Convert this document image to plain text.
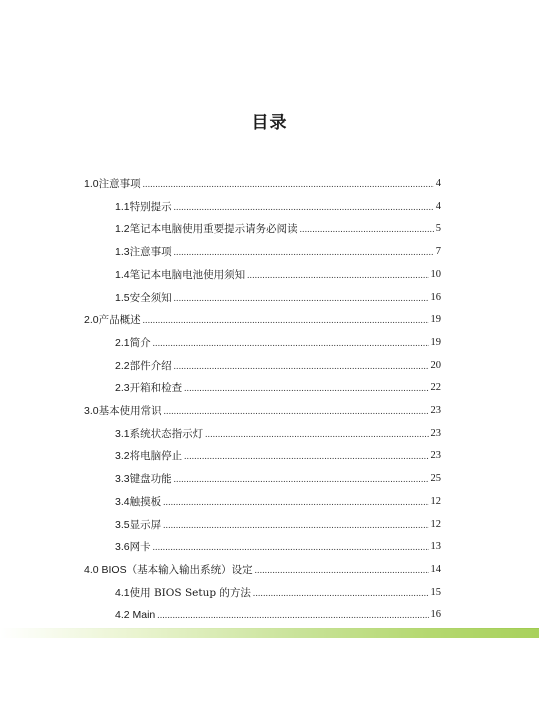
目录
1.0 注意事项 .....	4
1.1 特别提示 .....	4
1.2 笔记本电脑使用重要提示请务必阅读 .....	5
1.3 注意事项 .....	7
1.4 笔记本电脑电池使用须知 .....	10
1.5 安全须知 .....	16
2.0 产品概述 .....	19
2.1 简介 .....	19
2.2 部件介绍 .....	20
2.3 开箱和检查 .....	22
3.0 基本使用常识 .....	23
3.1 系统状态指示灯 .....	23
3.2 将电脑停止 .....	23
3.3 键盘功能 .....	25
3.4 触摸板 .....	12
3.5 显示屏 .....	12
3.6 网卡 .....	13
4.0 BIOS （基本输入输出系统）设定 .....	14
4.1 使用 BIOS Setup 的方法 .....	15
4.2 Main .....	16
